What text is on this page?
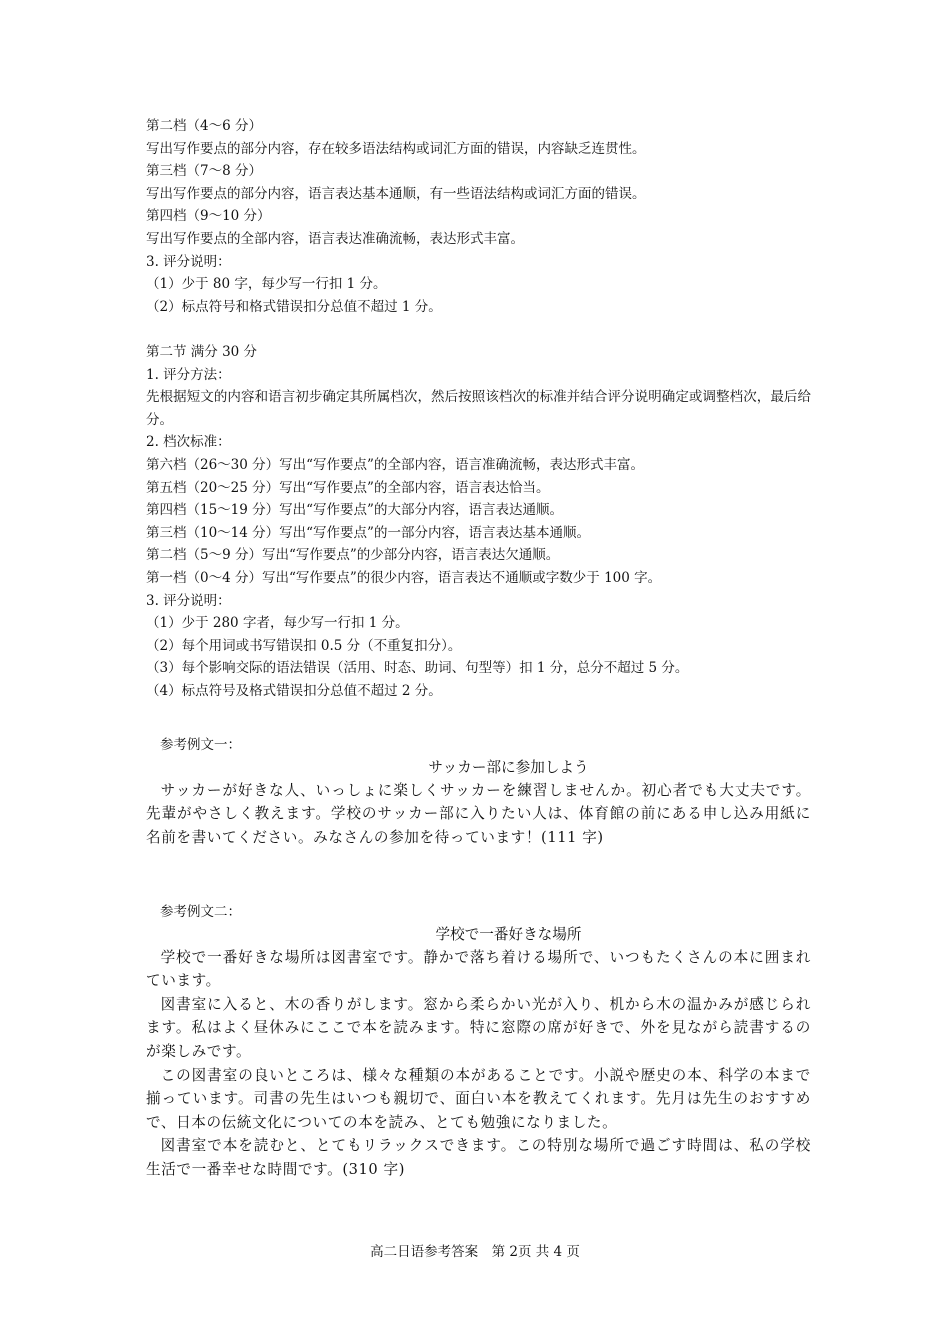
第二档（4～6 分）
写出写作要点的部分内容，存在较多语法结构或词汇方面的错误，内容缺乏连贯性。
第三档（7～8 分）
写出写作要点的部分内容，语言表达基本通顺，有一些语法结构或词汇方面的错误。
第四档（9～10 分）
写出写作要点的全部内容，语言表达准确流畅，表达形式丰富。
3. 评分说明：
（1）少于 80 字，每少写一行扣 1 分。
（2）标点符号和格式错误扣分总值不超过 1 分。
第二节 满分 30 分
1. 评分方法：
先根据短文的内容和语言初步确定其所属档次，然后按照该档次的标准并结合评分说明确定或调整档次，最后给分。
2. 档次标准：
第六档（26～30 分）写出“写作要点”的全部内容，语言准确流畅，表达形式丰富。
第五档（20～25 分）写出“写作要点”的全部内容，语言表达恰当。
第四档（15～19 分）写出“写作要点”的大部分内容，语言表达通顺。
第三档（10～14 分）写出“写作要点”的一部分内容，语言表达基本通顺。
第二档（5～9 分）写出“写作要点”的少部分内容，语言表达欠通顺。
第一档（0～4 分）写出“写作要点”的很少内容，语言表达不通顺或字数少于 100 字。
3. 评分说明：
（1）少于 280 字者，每少写一行扣 1 分。
（2）每个用词或书写错误扣 0.5 分（不重复扣分）。
（3）每个影响交际的语法错误（活用、时态、助词、句型等）扣 1 分，总分不超过 5 分。
（4）标点符号及格式错误扣分总值不超过 2 分。
参考例文一：
サッカー部に参加しよう
サッカーが好きな人、いっしょに楽しくサッカーを練習しませんか。初心者でも大丈夫です。先輩がやさしく教えます。学校のサッカー部に入りたい人は、体育館の前にある申し込み用紙に名前を書いてください。みなさんの参加を待っています！(111 字)
参考例文二：
学校で一番好きな場所
学校で一番好きな場所は図書室です。静かで落ち着ける場所で、いつもたくさんの本に囲まれています。
図書室に入ると、木の香りがします。窓から柔らかい光が入り、机から木の温かみが感じられます。私はよく昼休みにここで本を読みます。特に窓際の席が好きで、外を見ながら読書するのが楽しみです。
この図書室の良いところは、様々な種類の本があることです。小説や歴史の本、科学の本まで揃っています。司書の先生はいつも親切で、面白い本を教えてくれます。先月は先生のおすすめで、日本の伝統文化についての本を読み、とても勉強になりました。
図書室で本を読むと、とてもリラックスできます。この特別な場所で過ごす時間は、私の学校生活で一番幸せな時間です。(310 字)
高二日语参考答案　第 2页 共 4 页
